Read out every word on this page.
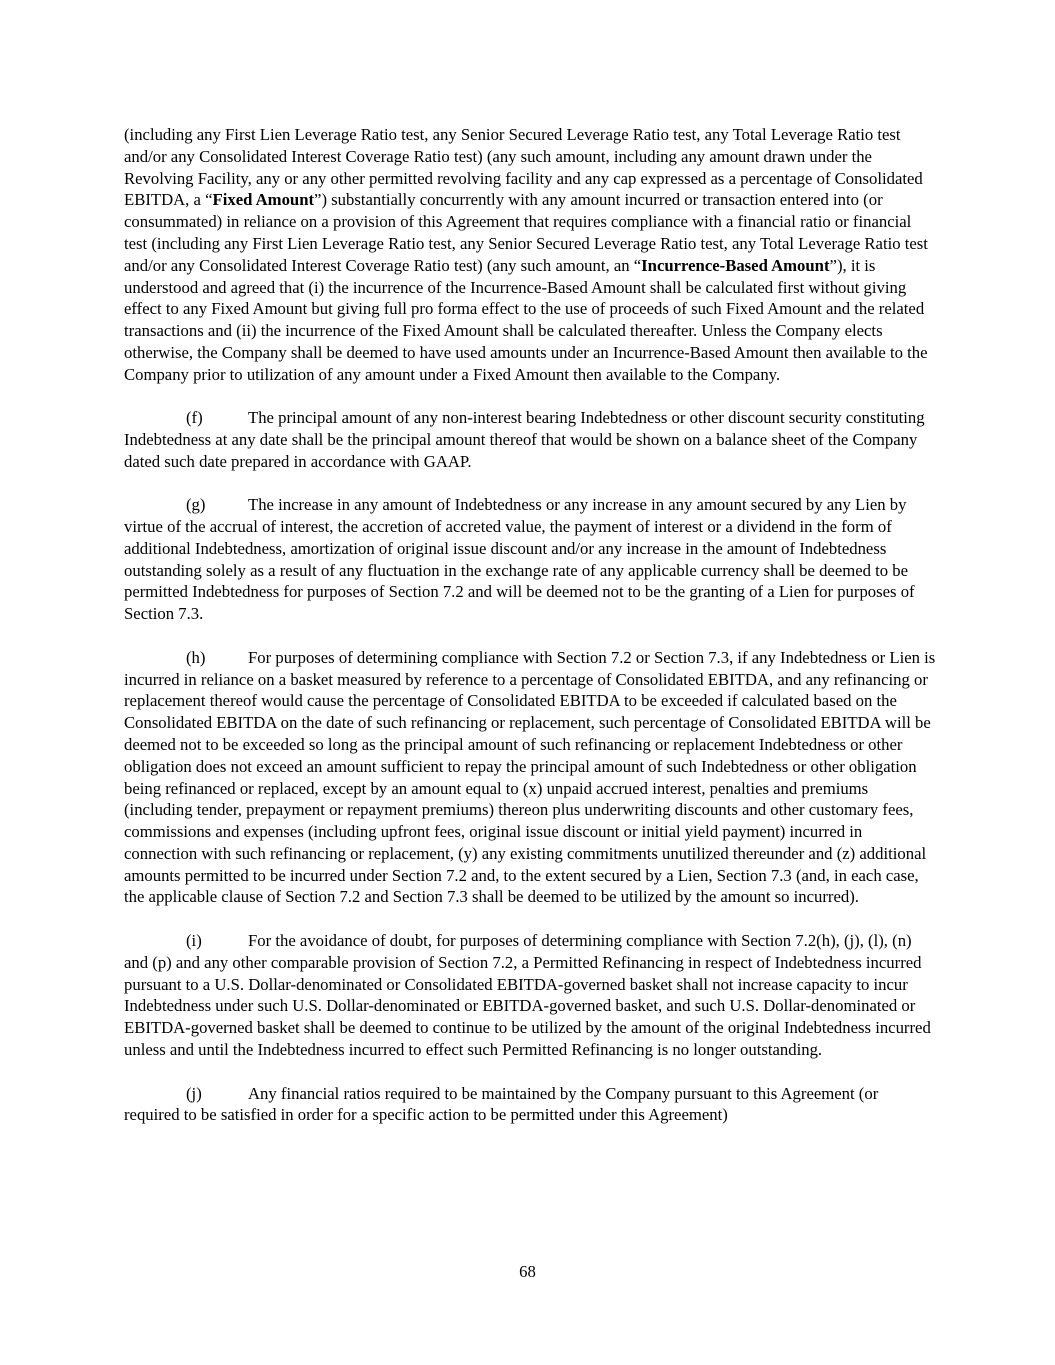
(including any First Lien Leverage Ratio test, any Senior Secured Leverage Ratio test, any Total Leverage Ratio test and/or any Consolidated Interest Coverage Ratio test) (any such amount, including any amount drawn under the Revolving Facility, any or any other permitted revolving facility and any cap expressed as a percentage of Consolidated EBITDA, a “Fixed Amount”) substantially concurrently with any amount incurred or transaction entered into (or consummated) in reliance on a provision of this Agreement that requires compliance with a financial ratio or financial test (including any First Lien Leverage Ratio test, any Senior Secured Leverage Ratio test, any Total Leverage Ratio test and/or any Consolidated Interest Coverage Ratio test) (any such amount, an “Incurrence-Based Amount”), it is understood and agreed that (i) the incurrence of the Incurrence-Based Amount shall be calculated first without giving effect to any Fixed Amount but giving full pro forma effect to the use of proceeds of such Fixed Amount and the related transactions and (ii) the incurrence of the Fixed Amount shall be calculated thereafter. Unless the Company elects otherwise, the Company shall be deemed to have used amounts under an Incurrence-Based Amount then available to the Company prior to utilization of any amount under a Fixed Amount then available to the Company.

(f)	The principal amount of any non-interest bearing Indebtedness or other discount security constituting Indebtedness at any date shall be the principal amount thereof that would be shown on a balance sheet of the Company dated such date prepared in accordance with GAAP.

(g)	The increase in any amount of Indebtedness or any increase in any amount secured by any Lien by virtue of the accrual of interest, the accretion of accreted value, the payment of interest or a dividend in the form of additional Indebtedness, amortization of original issue discount and/or any increase in the amount of Indebtedness outstanding solely as a result of any fluctuation in the exchange rate of any applicable currency shall be deemed to be permitted Indebtedness for purposes of Section 7.2 and will be deemed not to be the granting of a Lien for purposes of Section 7.3.

(h)	For purposes of determining compliance with Section 7.2 or Section 7.3, if any Indebtedness or Lien is incurred in reliance on a basket measured by reference to a percentage of Consolidated EBITDA, and any refinancing or replacement thereof would cause the percentage of Consolidated EBITDA to be exceeded if calculated based on the Consolidated EBITDA on the date of such refinancing or replacement, such percentage of Consolidated EBITDA will be deemed not to be exceeded so long as the principal amount of such refinancing or replacement Indebtedness or other obligation does not exceed an amount sufficient to repay the principal amount of such Indebtedness or other obligation being refinanced or replaced, except by an amount equal to (x) unpaid accrued interest, penalties and premiums (including tender, prepayment or repayment premiums) thereon plus underwriting discounts and other customary fees, commissions and expenses (including upfront fees, original issue discount or initial yield payment) incurred in connection with such refinancing or replacement, (y) any existing commitments unutilized thereunder and (z) additional amounts permitted to be incurred under Section 7.2 and, to the extent secured by a Lien, Section 7.3 (and, in each case, the applicable clause of Section 7.2 and Section 7.3 shall be deemed to be utilized by the amount so incurred).

(i)	For the avoidance of doubt, for purposes of determining compliance with Section 7.2(h), (j), (l), (n) and (p) and any other comparable provision of Section 7.2, a Permitted Refinancing in respect of Indebtedness incurred pursuant to a U.S. Dollar-denominated or Consolidated EBITDA-governed basket shall not increase capacity to incur Indebtedness under such U.S. Dollar-denominated or EBITDA-governed basket, and such U.S. Dollar-denominated or EBITDA-governed basket shall be deemed to continue to be utilized by the amount of the original Indebtedness incurred unless and until the Indebtedness incurred to effect such Permitted Refinancing is no longer outstanding.

(j)	Any financial ratios required to be maintained by the Company pursuant to this Agreement (or required to be satisfied in order for a specific action to be permitted under this Agreement)

68
